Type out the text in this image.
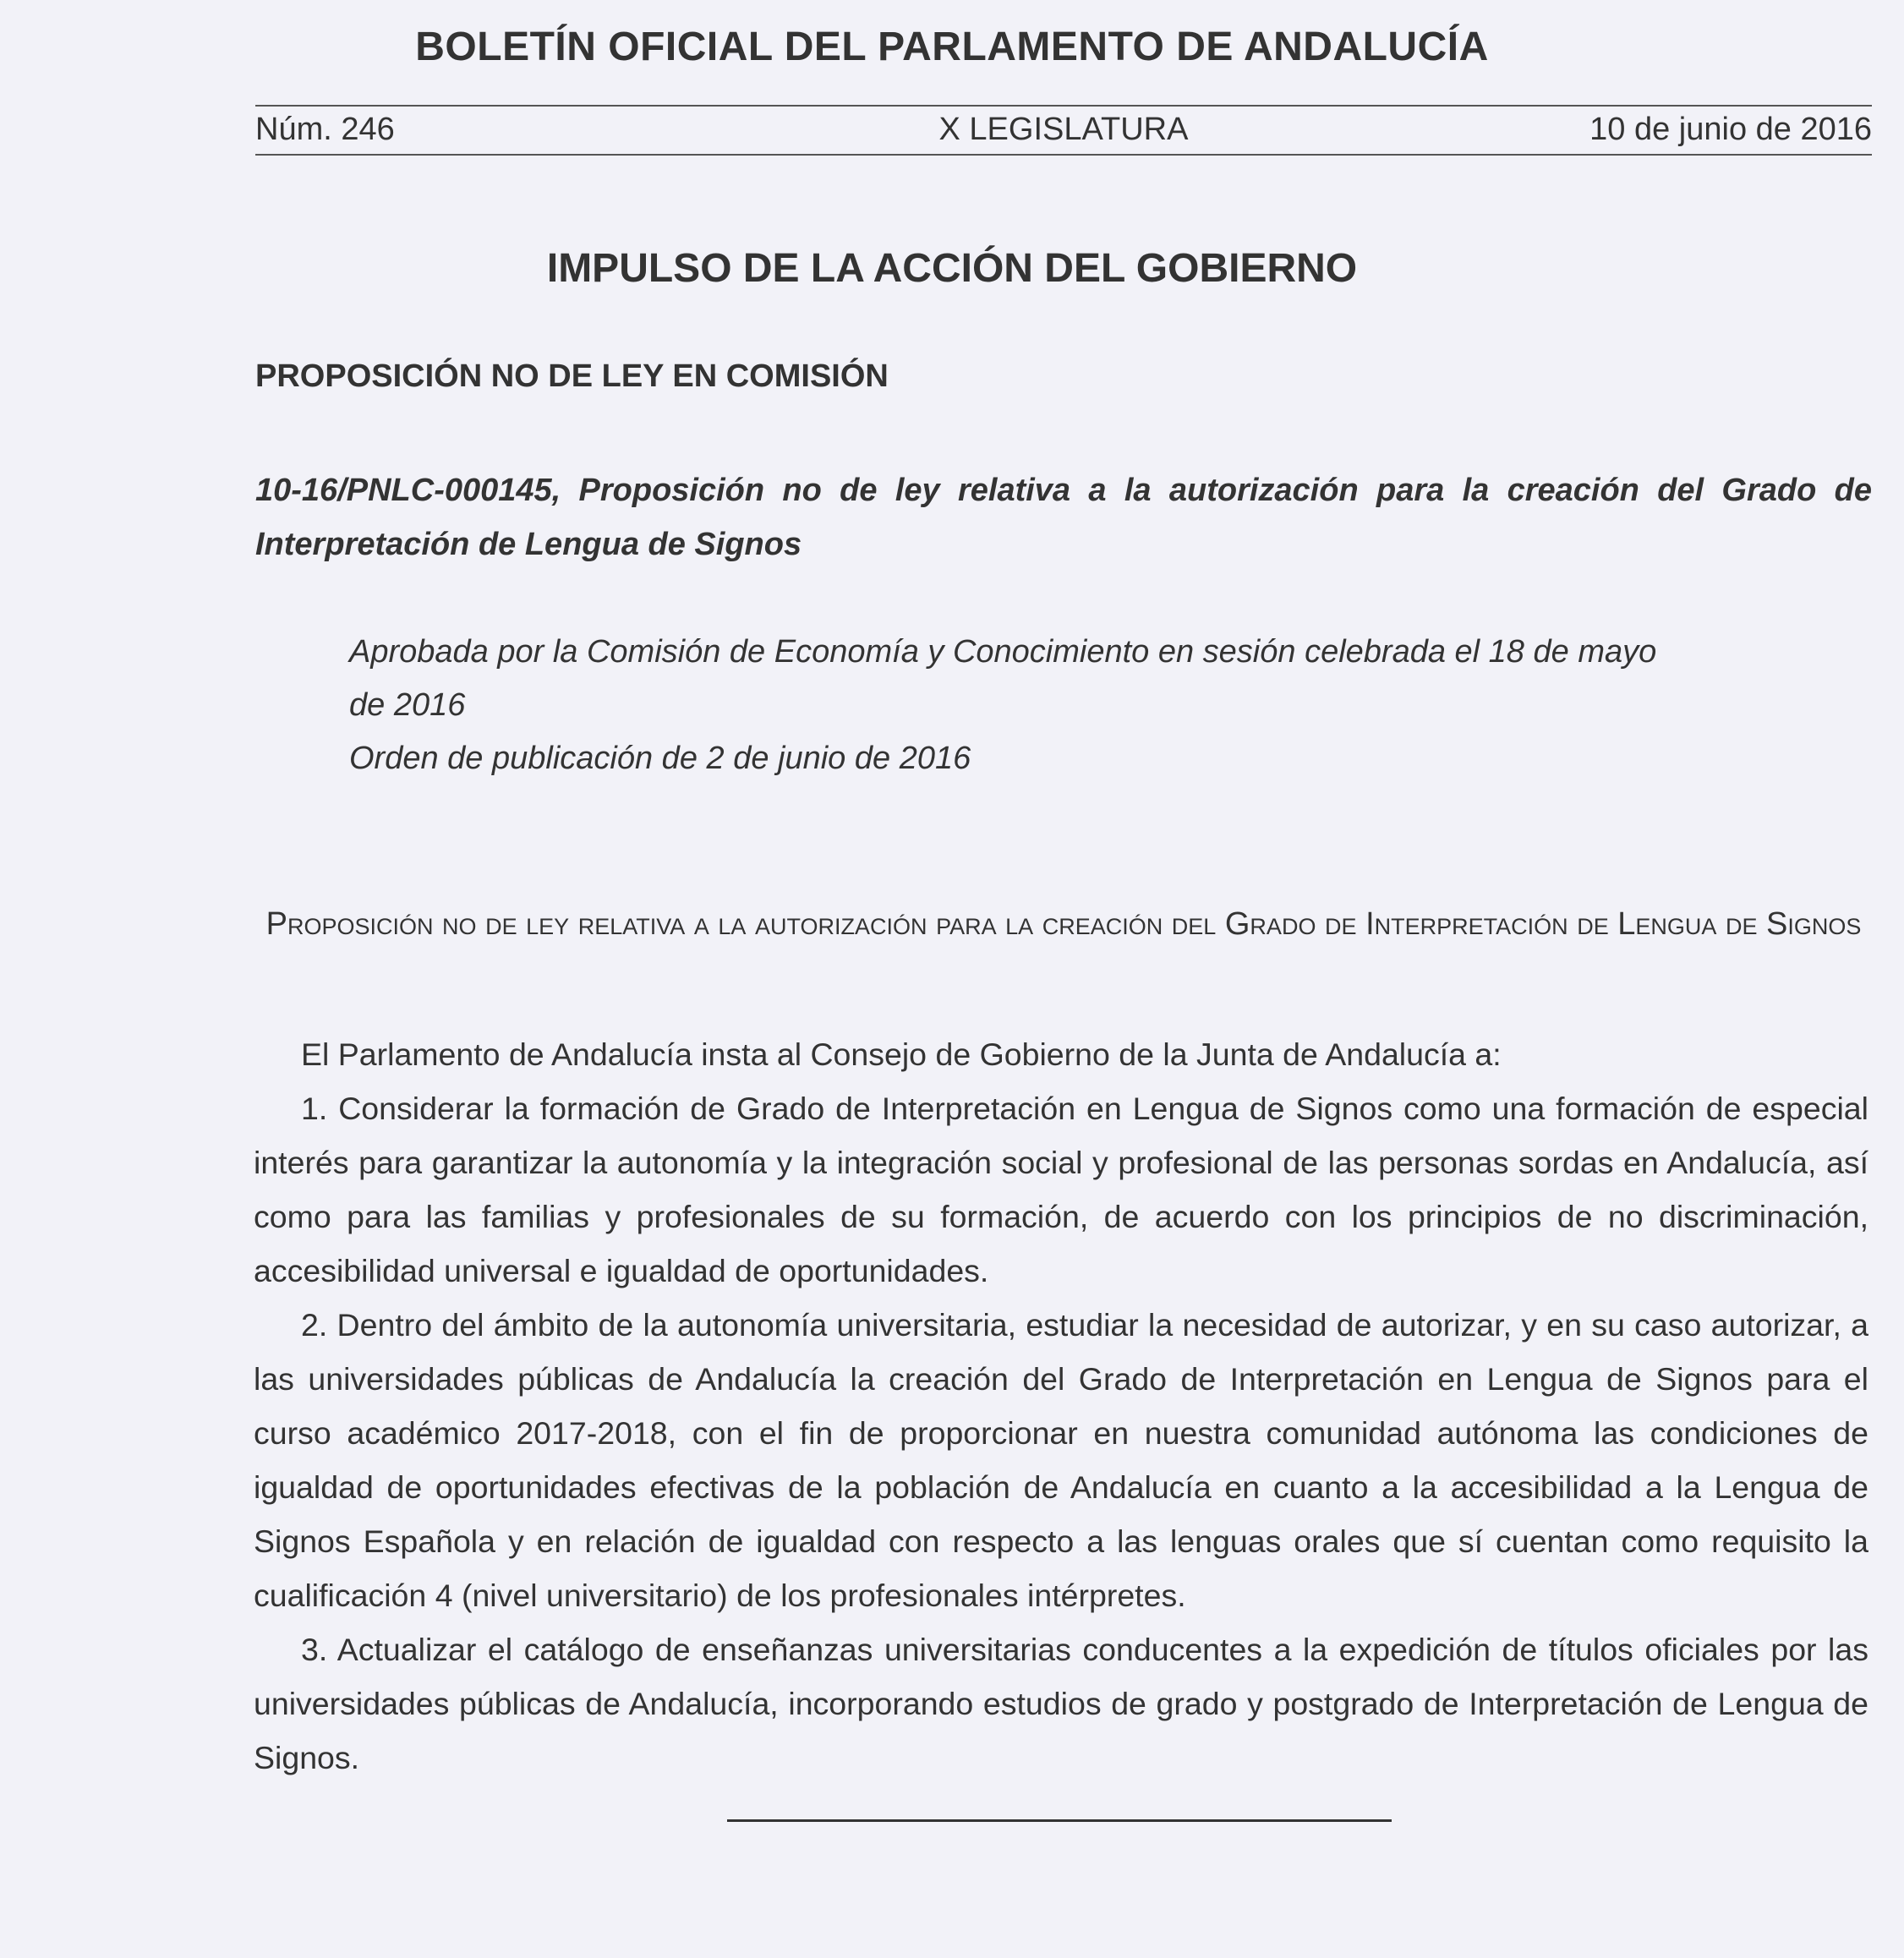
BOLETÍN OFICIAL DEL PARLAMENTO DE ANDALUCÍA
Núm. 246	X LEGISLATURA	10 de junio de 2016
IMPULSO DE LA ACCIÓN DEL GOBIERNO
PROPOSICIÓN NO DE LEY EN COMISIÓN
10-16/PNLC-000145, Proposición no de ley relativa a la autorización para la creación del Grado de Interpretación de Lengua de Signos
Aprobada por la Comisión de Economía y Conocimiento en sesión celebrada el 18 de mayo
de 2016
Orden de publicación de 2 de junio de 2016
Proposición no de ley relativa a la autorización para la creación del Grado de Interpretación de Lengua de Signos

El Parlamento de Andalucía insta al Consejo de Gobierno de la Junta de Andalucía a:

1. Considerar la formación de Grado de Interpretación en Lengua de Signos como una formación de especial interés para garantizar la autonomía y la integración social y profesional de las personas sordas en Andalucía, así como para las familias y profesionales de su formación, de acuerdo con los principios de no discriminación, accesibilidad universal e igualdad de oportunidades.

2. Dentro del ámbito de la autonomía universitaria, estudiar la necesidad de autorizar, y en su caso autorizar, a las universidades públicas de Andalucía la creación del Grado de Interpretación en Lengua de Signos para el curso académico 2017-2018, con el fin de proporcionar en nuestra comunidad autónoma las condiciones de igualdad de oportunidades efectivas de la población de Andalucía en cuanto a la accesibilidad a la Lengua de Signos Española y en relación de igualdad con respecto a las lenguas orales que sí cuentan como requisito la cualificación 4 (nivel universitario) de los profesionales intérpretes.

3. Actualizar el catálogo de enseñanzas universitarias conducentes a la expedición de títulos oficiales por las universidades públicas de Andalucía, incorporando estudios de grado y postgrado de Interpretación de Lengua de Signos.
